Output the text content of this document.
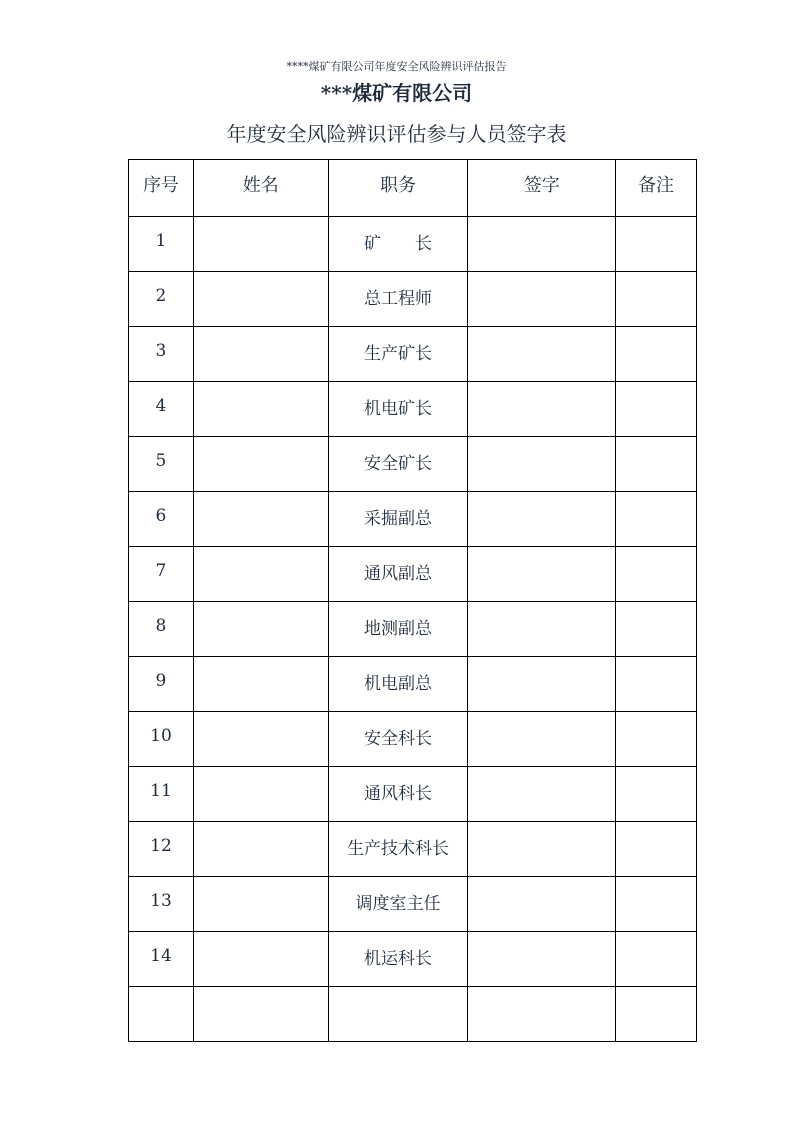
****煤矿有限公司年度安全风险辨识评估报告
***煤矿有限公司
年度安全风险辨识评估参与人员签字表
序号	姓名	职务	签字	备注
1		矿　　长		
2		总工程师		
3		生产矿长		
4		机电矿长		
5		安全矿长		
6		采掘副总		
7		通风副总		
8		地测副总		
9		机电副总		
10		安全科长		
11		通风科长		
12		生产技术科长		
13		调度室主任		
14		机运科长		
